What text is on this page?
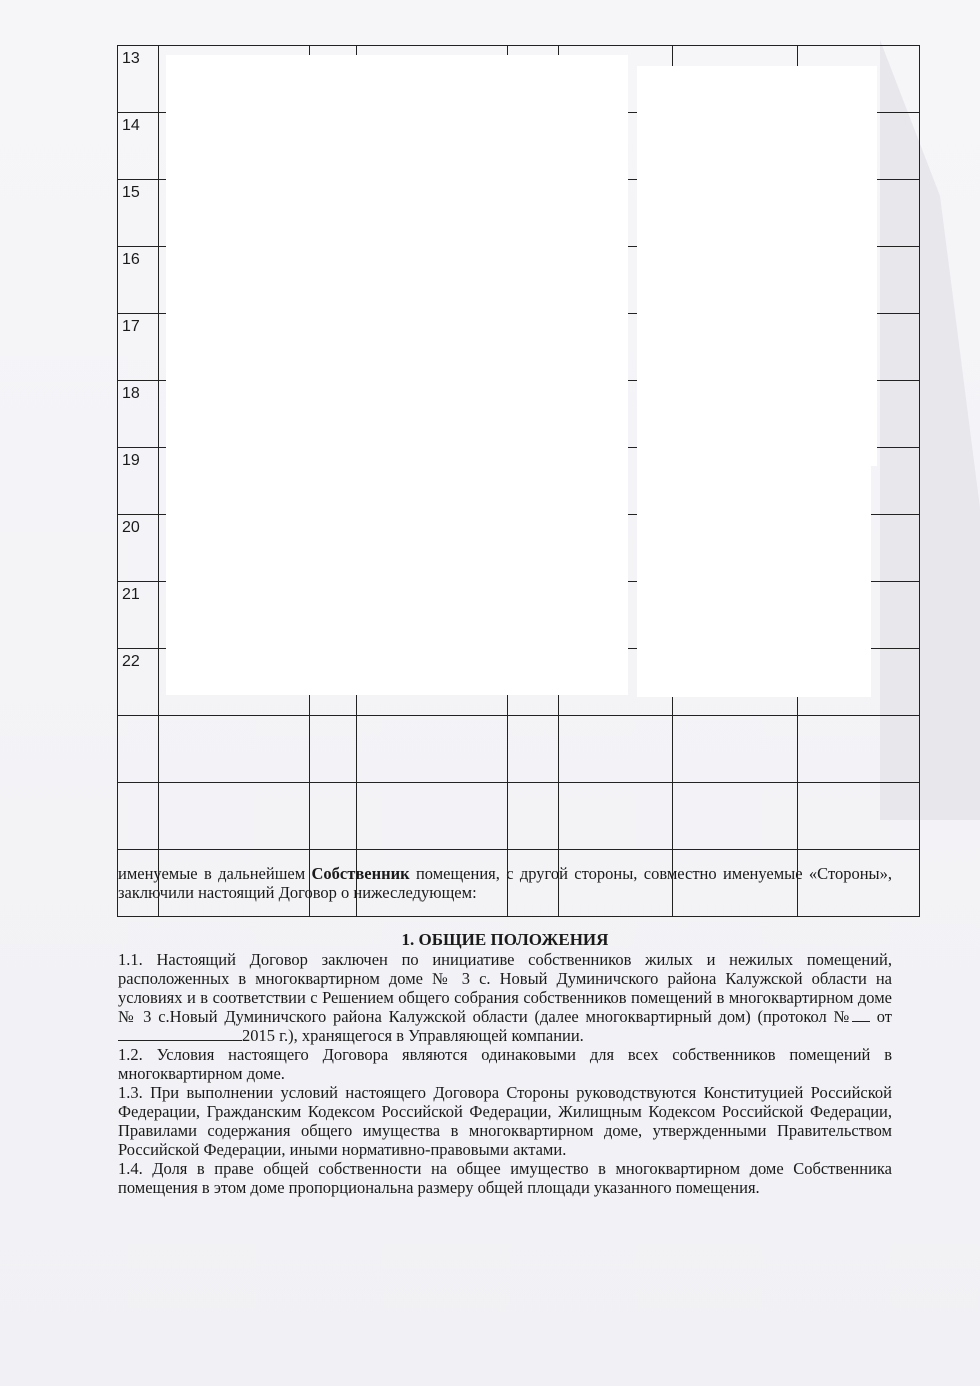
13							
14							
15							
16							
17							
18							
19							
20							
21							
22							

именуемые в дальнейшем Собственник помещения, с другой стороны, совместно именуемые «Стороны», заключили настоящий Договор о нижеследующем:
1. ОБЩИЕ ПОЛОЖЕНИЯ

1.1. Настоящий Договор заключен по инициативе собственников жилых и нежилых помещений, расположенных в многоквартирном доме № 3 с. Новый Думиничского района Калужской области на условиях и в соответствии с Решением общего собрания собственников помещений в многоквартирном доме № 3 с.Новый Думиничского района Калужской области (далее многоквартирный дом) (протокол № от 2015 г.), хранящегося в Управляющей компании.

1.2. Условия настоящего Договора являются одинаковыми для всех собственников помещений в многоквартирном доме.

1.3. При выполнении условий настоящего Договора Стороны руководствуются Конституцией Российской Федерации, Гражданским Кодексом Российской Федерации, Жилищным Кодексом Российской Федерации, Правилами содержания общего имущества в многоквартирном доме, утвержденными Правительством Российской Федерации, иными нормативно-правовыми актами.

1.4. Доля в праве общей собственности на общее имущество в многоквартирном доме Собственника помещения в этом доме пропорциональна размеру общей площади указанного помещения.
